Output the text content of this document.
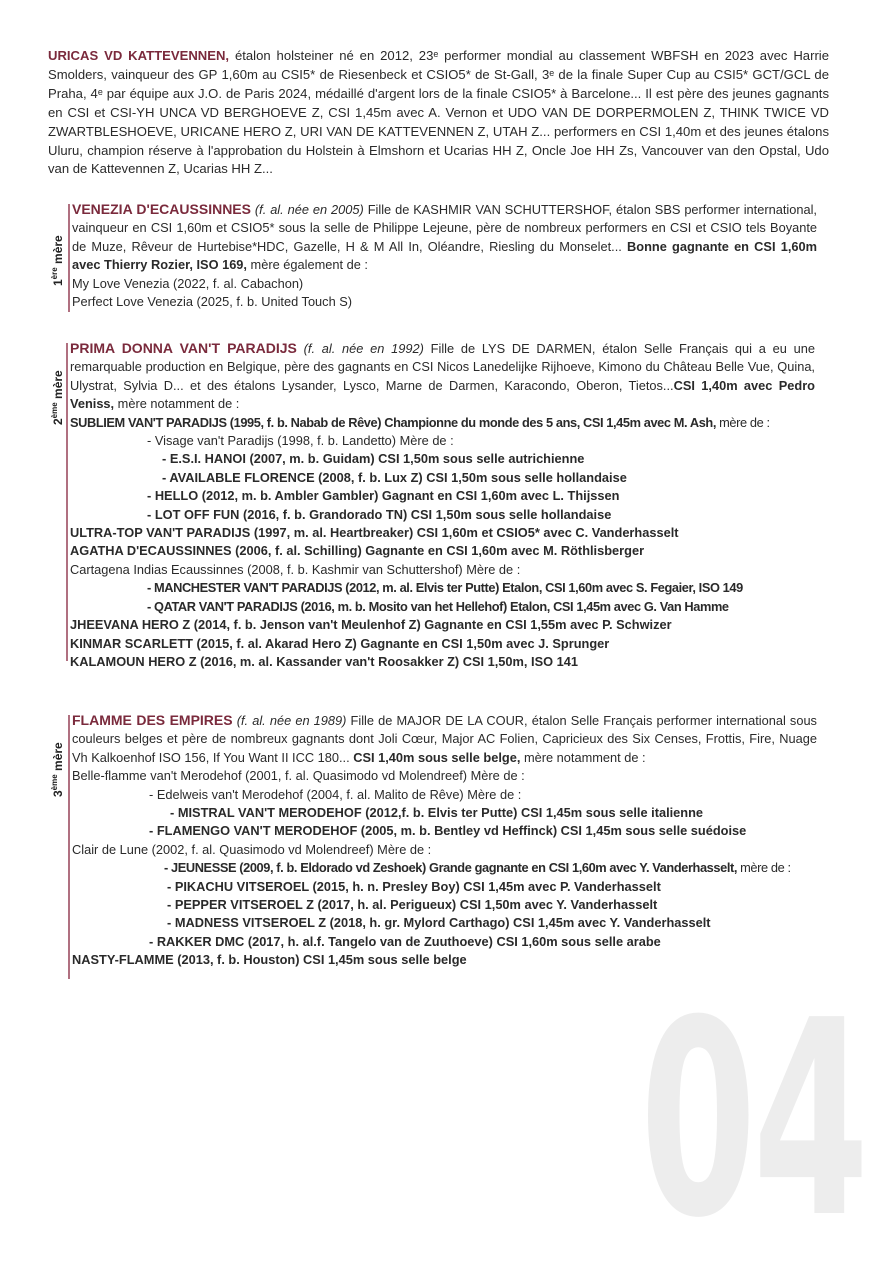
URICAS VD KATTEVENNEN, étalon holsteiner né en 2012, 23ᵉ performer mondial au classement WBFSH en 2023 avec Harrie Smolders, vainqueur des GP 1,60m au CSI5* de Riesenbeck et CSIO5* de St-Gall, 3ᵉ de la finale Super Cup au CSI5* GCT/GCL de Praha, 4ᵉ par équipe aux J.O. de Paris 2024, médaillé d'argent lors de la finale CSIO5* à Barcelone... Il est père des jeunes gagnants en CSI et CSI-YH UNCA VD BERGHOEVE Z, CSI 1,45m avec A. Vernon et UDO VAN DE DORPERMOLEN Z, THINK TWICE VD ZWARTBLESHOEVE, URICANE HERO Z, URI VAN DE KATTEVENNEN Z, UTAH Z... performers en CSI 1,40m et des jeunes étalons Uluru, champion réserve à l'approbation du Holstein à Elmshorn et Ucarias HH Z, Oncle Joe HH Zs, Vancouver van den Opstal, Udo van de Kattevennen Z, Ucarias HH Z...

1ère mère

VENEZIA D'ECAUSSINNES (f. al. née en 2005) Fille de KASHMIR VAN SCHUTTERSHOF, étalon SBS performer international, vainqueur en CSI 1,60m et CSIO5* sous la selle de Philippe Lejeune, père de nombreux performers en CSI et CSIO tels Boyante de Muze, Rêveur de Hurtebise*HDC, Gazelle, H & M All In, Oléandre, Riesling du Monselet... Bonne gagnante en CSI 1,60m avec Thierry Rozier, ISO 169, mère également de :

My Love Venezia (2022, f. al. Cabachon)

Perfect Love Venezia (2025, f. b. United Touch S)

2ème mère

PRIMA DONNA VAN'T PARADIJS (f. al. née en 1992) Fille de LYS DE DARMEN, étalon Selle Français qui a eu une remarquable production en Belgique, père des gagnants en CSI Nicos Lanedelijke Rijhoeve, Kimono du Château Belle Vue, Quina, Ulystrat, Sylvia D... et des étalons Lysander, Lysco, Marne de Darmen, Karacondo, Oberon, Tietos...CSI 1,40m avec Pedro Veniss, mère notamment de :

SUBLIEM VAN'T PARADIJS (1995, f. b. Nabab de Rêve) Championne du monde des 5 ans, CSI 1,45m avec M. Ash, mère de :

- Visage van't Paradijs (1998, f. b. Landetto) Mère de :

- E.S.I. HANOI (2007, m. b. Guidam) CSI 1,50m sous selle autrichienne

- AVAILABLE FLORENCE (2008, f. b. Lux Z) CSI 1,50m sous selle hollandaise

- HELLO (2012, m. b. Ambler Gambler) Gagnant en CSI 1,60m avec L. Thijssen

- LOT OFF FUN (2016, f. b. Grandorado TN) CSI 1,50m sous selle hollandaise

ULTRA-TOP VAN'T PARADIJS (1997, m. al. Heartbreaker) CSI 1,60m et CSIO5* avec C. Vanderhasselt

AGATHA D'ECAUSSINNES (2006, f. al. Schilling) Gagnante en CSI 1,60m avec M. Röthlisberger

Cartagena Indias Ecaussinnes (2008, f. b. Kashmir van Schuttershof) Mère de :

- MANCHESTER VAN'T PARADIJS (2012, m. al. Elvis ter Putte) Etalon, CSI 1,60m avec S. Fegaier, ISO 149

- QATAR VAN'T PARADIJS (2016, m. b. Mosito van het Hellehof) Etalon, CSI 1,45m avec G. Van Hamme

JHEEVANA HERO Z (2014, f. b. Jenson van't Meulenhof Z) Gagnante en CSI 1,55m avec P. Schwizer

KINMAR SCARLETT (2015, f. al. Akarad Hero Z) Gagnante en CSI 1,50m avec J. Sprunger

KALAMOUN HERO Z (2016, m. al. Kassander van't Roosakker Z) CSI 1,50m, ISO 141

3ème mère

FLAMME DES EMPIRES (f. al. née en 1989) Fille de MAJOR DE LA COUR, étalon Selle Français performer international sous couleurs belges et père de nombreux gagnants dont Joli Cœur, Major AC Folien, Capricieux des Six Censes, Frottis, Fire, Nuage Vh Kalkoenhof ISO 156, If You Want II ICC 180... CSI 1,40m sous selle belge, mère notamment de :

Belle-flamme van't Merodehof (2001, f. al. Quasimodo vd Molendreef) Mère de :

- Edelweis van't Merodehof (2004, f. al. Malito de Rêve) Mère de :

- MISTRAL VAN'T MERODEHOF (2012,f. b. Elvis ter Putte) CSI 1,45m sous selle italienne

- FLAMENGO VAN'T MERODEHOF (2005, m. b. Bentley vd Heffinck) CSI 1,45m sous selle suédoise

Clair de Lune (2002, f. al. Quasimodo vd Molendreef) Mère de :

- JEUNESSE (2009, f. b. Eldorado vd Zeshoek) Grande gagnante en CSI 1,60m avec Y. Vanderhasselt, mère de :

- PIKACHU VITSEROEL (2015, h. n. Presley Boy) CSI 1,45m avec P. Vanderhasselt

- PEPPER VITSEROEL Z (2017, h. al. Perigueux) CSI 1,50m avec Y. Vanderhasselt

- MADNESS VITSEROEL Z (2018, h. gr. Mylord Carthago) CSI 1,45m avec Y. Vanderhasselt

- RAKKER DMC (2017, h. al.f. Tangelo van de Zuuthoeve) CSI 1,60m sous selle arabe

NASTY-FLAMME (2013, f. b. Houston) CSI 1,45m sous selle belge

04
